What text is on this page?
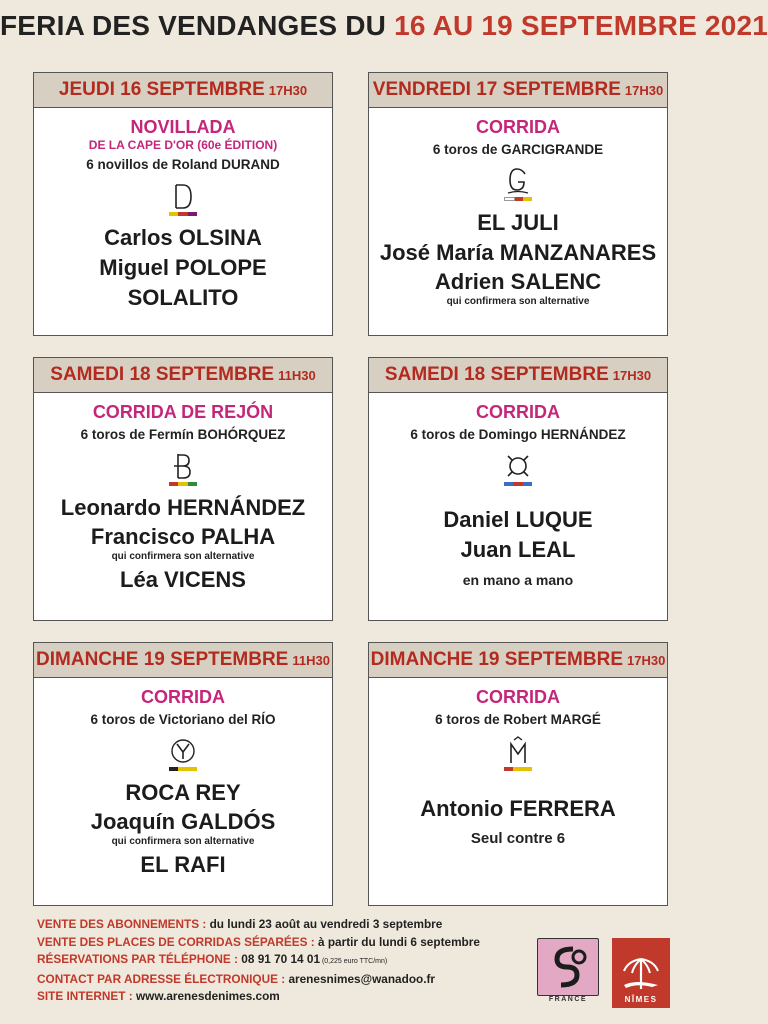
FERIA DES VENDANGES DU 16 AU 19 SEPTEMBRE 2021
JEUDI 16 SEPTEMBRE 17H30
NOVILLADA
DE LA CAPE D'OR (60e ÉDITION)
6 novillos de Roland DURAND
Carlos OLSINA
Miguel POLOPE
SOLALITO
VENDREDI 17 SEPTEMBRE 17H30
CORRIDA
6 toros de GARCIGRANDE
EL JULI
José María MANZANARES
Adrien SALENC
qui confirmera son alternative
SAMEDI 18 SEPTEMBRE 11H30
CORRIDA DE REJÓN
6 toros de Fermín BOHÓRQUEZ
Leonardo HERNÁNDEZ
Francisco PALHA
qui confirmera son alternative
Léa VICENS
SAMEDI 18 SEPTEMBRE 17H30
CORRIDA
6 toros de Domingo HERNÁNDEZ
Daniel LUQUE
Juan LEAL
en mano a mano
DIMANCHE 19 SEPTEMBRE 11H30
CORRIDA
6 toros de Victoriano del RÍO
ROCA REY
Joaquín GALDÓS
qui confirmera son alternative
EL RAFI
DIMANCHE 19 SEPTEMBRE 17H30
CORRIDA
6 toros de Robert MARGÉ
Antonio FERRERA
Seul contre 6
VENTE DES ABONNEMENTS : du lundi 23 août au vendredi 3 septembre
VENTE DES PLACES DE CORRIDAS SÉPARÉES : à partir du lundi 6 septembre
RÉSERVATIONS PAR TÉLÉPHONE : 08 91 70 14 01 (0,225 euro TTC/mn)
CONTACT PAR ADRESSE ÉLECTRONIQUE : arenesnimes@wanadoo.fr
SITE INTERNET : www.arenesdenimes.com	FRANCE	NÎMES
